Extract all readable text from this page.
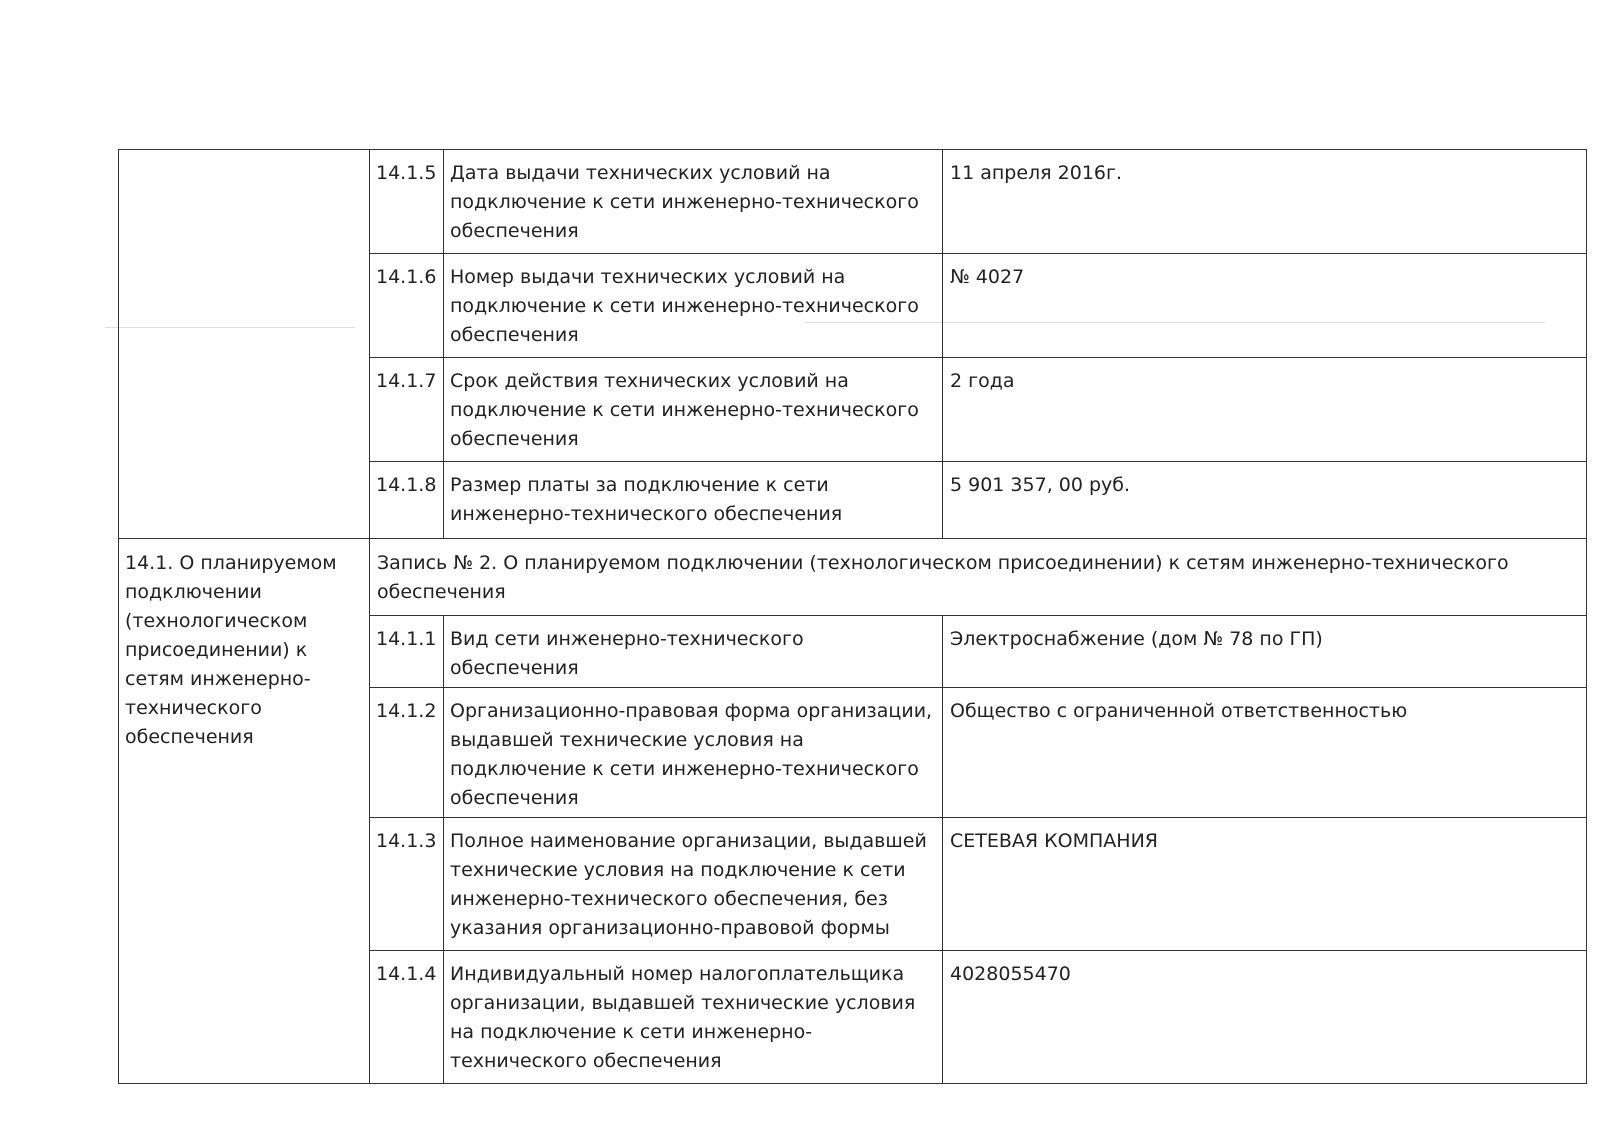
	14.1.5	Дата выдачи технических условий на подключение к сети инженерно-технического обеспечения	11 апреля 2016г.
	14.1.6	Номер выдачи технических условий на подключение к сети инженерно-технического обеспечения	№ 4027
	14.1.7	Срок действия технических условий на подключение к сети инженерно-технического обеспечения	2 года
	14.1.8	Размер платы за подключение к сети инженерно-технического обеспечения	5 901 357, 00 руб.
14.1. О планируемом подключении (технологическом присоединении) к сетям инженерно-технического обеспечения	Запись № 2. О планируемом подключении (технологическом присоединении) к сетям инженерно-технического обеспечения		
	14.1.1	Вид сети инженерно-технического обеспечения	Электроснабжение (дом № 78 по ГП)
	14.1.2	Организационно-правовая форма организации, выдавшей технические условия на подключение к сети инженерно-технического обеспечения	Общество с ограниченной ответственностью
	14.1.3	Полное наименование организации, выдавшей технические условия на подключение к сети инженерно-технического обеспечения, без указания организационно-правовой формы	СЕТЕВАЯ КОМПАНИЯ
	14.1.4	Индивидуальный номер налогоплательщика организации, выдавшей технические условия на подключение к сети инженерно-технического обеспечения	4028055470
